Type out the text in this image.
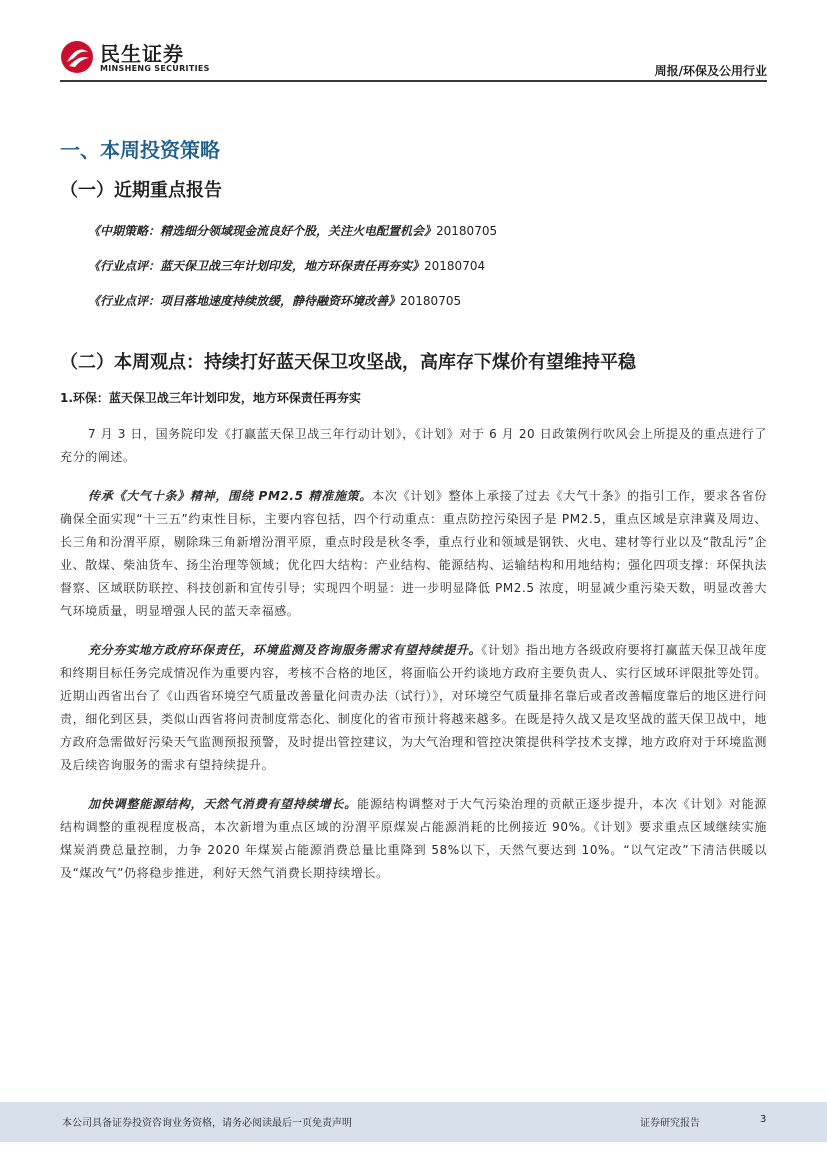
民生证券
MINSHENG SECURITIES	周报/环保及公用行业
一、本周投资策略
（一）近期重点报告
《中期策略：精选细分领域现金流良好个股，关注火电配置机会》20180705
《行业点评：蓝天保卫战三年计划印发，地方环保责任再夯实》20180704
《行业点评：项目落地速度持续放缓，静待融资环境改善》20180705
（二）本周观点：持续打好蓝天保卫攻坚战，高库存下煤价有望维持平稳
1.环保：蓝天保卫战三年计划印发，地方环保责任再夯实

7 月 3 日，国务院印发《打赢蓝天保卫战三年行动计划》，《计划》对于 6 月 20 日政策例行吹风会上所提及的重点进行了充分的阐述。

传承《大气十条》精神，围绕 PM2.5 精准施策。本次《计划》整体上承接了过去《大气十条》的指引工作，要求各省份确保全面实现“十三五”约束性目标，主要内容包括，四个行动重点：重点防控污染因子是 PM2.5，重点区域是京津冀及周边、长三角和汾渭平原，剔除珠三角新增汾渭平原，重点时段是秋冬季，重点行业和领域是钢铁、火电、建材等行业以及“散乱污”企业、散煤、柴油货车、扬尘治理等领域；优化四大结构：产业结构、能源结构、运输结构和用地结构；强化四项支撑：环保执法督察、区域联防联控、科技创新和宣传引导；实现四个明显：进一步明显降低 PM2.5 浓度，明显减少重污染天数，明显改善大气环境质量，明显增强人民的蓝天幸福感。

充分夯实地方政府环保责任，环境监测及咨询服务需求有望持续提升。《计划》指出地方各级政府要将打赢蓝天保卫战年度和终期目标任务完成情况作为重要内容，考核不合格的地区，将面临公开约谈地方政府主要负责人、实行区域环评限批等处罚。近期山西省出台了《山西省环境空气质量改善量化问责办法（试行）》，对环境空气质量排名靠后或者改善幅度靠后的地区进行问责，细化到区县，类似山西省将问责制度常态化、制度化的省市预计将越来越多。在既是持久战又是攻坚战的蓝天保卫战中，地方政府急需做好污染天气监测预报预警，及时提出管控建议，为大气治理和管控决策提供科学技术支撑，地方政府对于环境监测及后续咨询服务的需求有望持续提升。

加快调整能源结构，天然气消费有望持续增长。能源结构调整对于大气污染治理的贡献正逐步提升，本次《计划》对能源结构调整的重视程度极高，本次新增为重点区域的汾渭平原煤炭占能源消耗的比例接近 90%。《计划》要求重点区域继续实施煤炭消费总量控制，力争 2020 年煤炭占能源消费总量比重降到 58%以下，天然气要达到 10%。“以气定改”下清洁供暖以及“煤改气”仍将稳步推进，利好天然气消费长期持续增长。

本公司具备证券投资咨询业务资格，请务必阅读最后一页免责声明	证券研究报告	3
